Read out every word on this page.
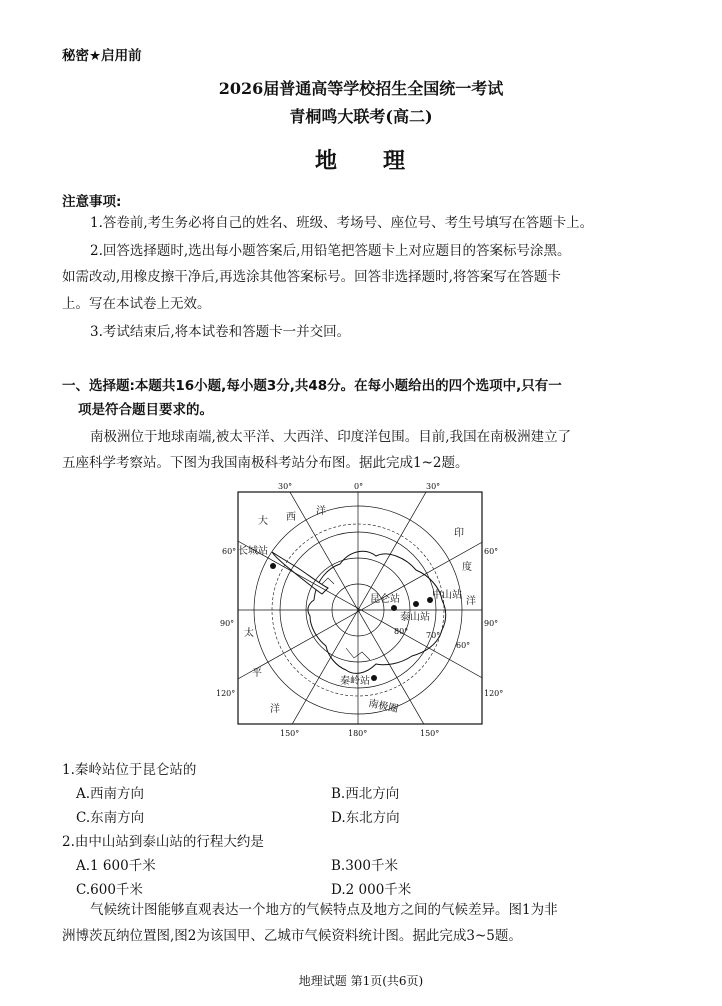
秘密★启用前
2026届普通高等学校招生全国统一考试
青桐鸣大联考(高二)
地 理
注意事项:
1.答卷前,考生务必将自己的姓名、班级、考场号、座位号、考生号填写在答题卡上。
2.回答选择题时,选出每小题答案后,用铅笔把答题卡上对应题目的答案标号涂黑。
如需改动,用橡皮擦干净后,再选涂其他答案标号。回答非选择题时,将答案写在答题卡
上。写在本试卷上无效。
3.考试结束后,将本试卷和答题卡一并交回。
一、选择题:本题共16小题,每小题3分,共48分。在每小题给出的四个选项中,只有一
项是符合题目要求的。
南极洲位于地球南端,被太平洋、大西洋、印度洋包围。目前,我国在南极洲建立了
五座科学考察站。下图为我国南极科考站分布图。据此完成1~2题。
30°	0°	30°
60°	60°
90°	90°
120°	120°
150°	180°	150°
大 西
洋
印
度
洋
太
平
洋
80° 70°
60°
南极圈
长城站
昆仑站
泰山站
中山站
秦岭站
1.秦岭站位于昆仑站的
A.西南方向	B.西北方向
C.东南方向	D.东北方向
2.由中山站到泰山站的行程大约是
A.1 600千米	B.300千米
C.600千米	D.2 000千米
气候统计图能够直观表达一个地方的气候特点及地方之间的气候差异。图1为非
洲博茨瓦纳位置图,图2为该国甲、乙城市气候资料统计图。据此完成3~5题。
地理试题 第1页(共6页)
